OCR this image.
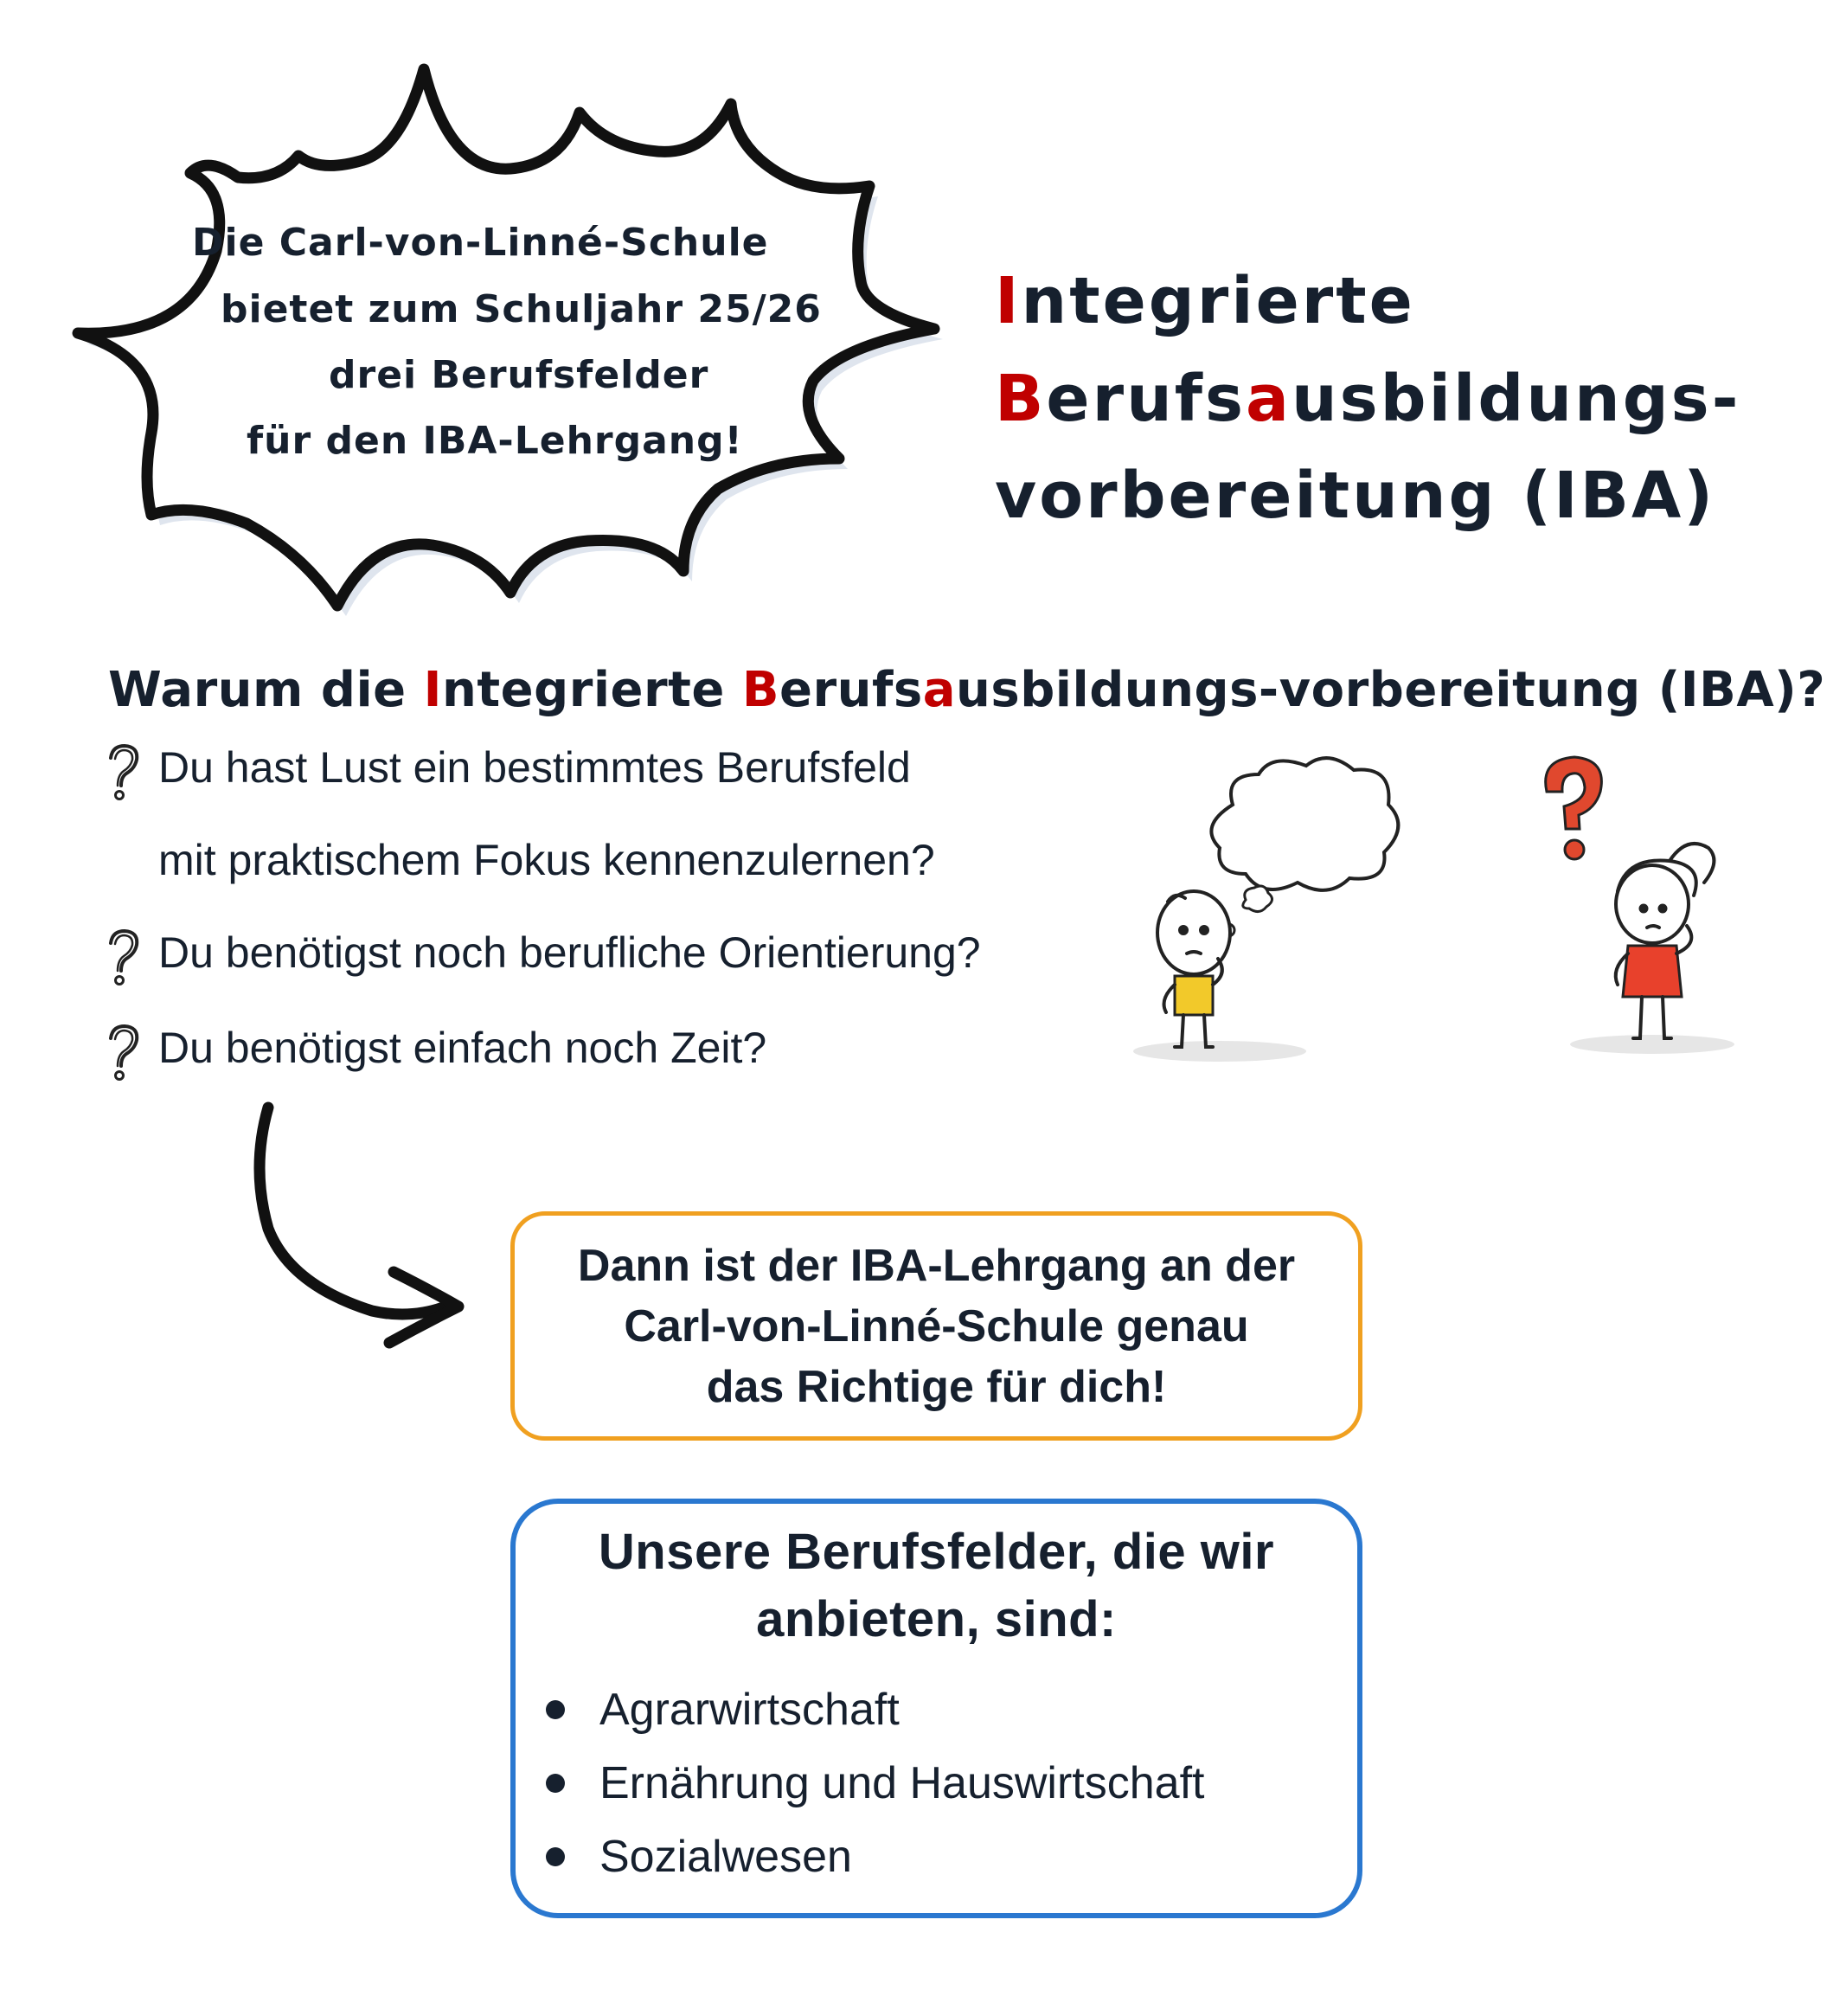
Die Carl-von-Linné-Schule
bietet zum Schuljahr 25/26
drei Berufsfelder
für den IBA-Lehrgang!
Integrierte
Berufsausbildungs-
vorbereitung (IBA)
Warum die Integrierte Berufsausbildungs-vorbereitung (IBA)?
Du hast Lust ein bestimmtes Berufsfeld
mit praktischem Fokus kennenzulernen?
Du benötigst noch berufliche Orientierung?
Du benötigst einfach noch Zeit?
Dann ist der IBA-Lehrgang an der
Carl-von-Linné-Schule genau
das Richtige für dich!
Unsere Berufsfelder, die wir
anbieten, sind:
Agrarwirtschaft
Ernährung und Hauswirtschaft
Sozialwesen
